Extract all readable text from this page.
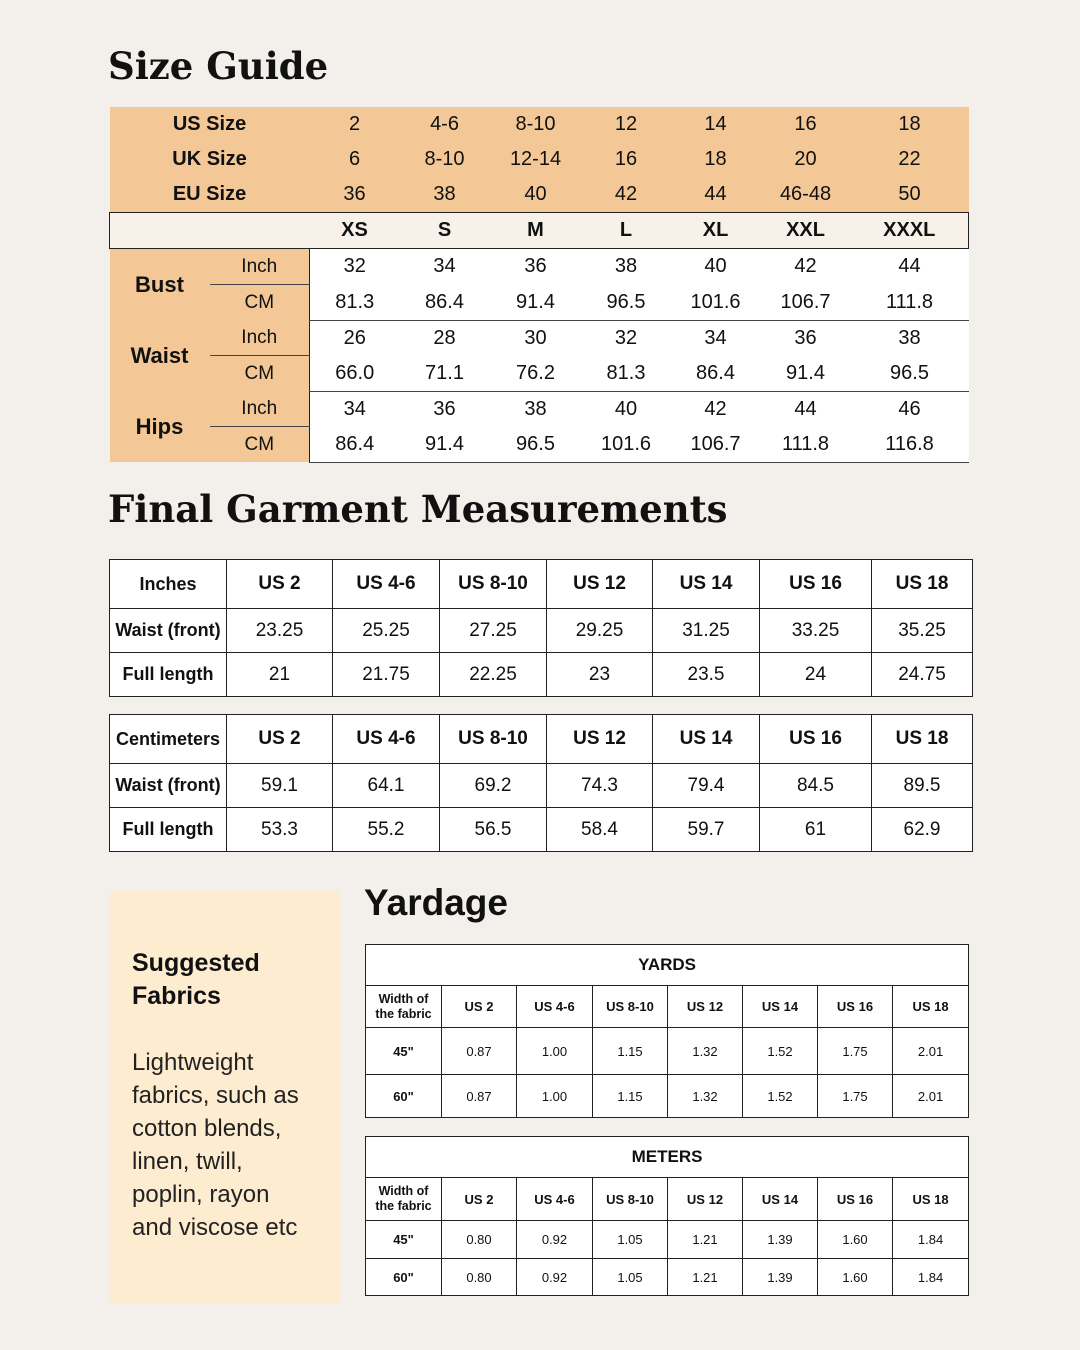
Size Guide
US Size		2	4-6	8-10	12	14	16	18
UK Size		6	8-10	12-14	16	18	20	22
EU Size		36	38	40	42	44	46-48	50
		XS	S	M	L	XL	XXL	XXXL
Bust	Inch	32	34	36	38	40	42	44
	CM	81.3	86.4	91.4	96.5	101.6	106.7	111.8
Waist	Inch	26	28	30	32	34	36	38
	CM	66.0	71.1	76.2	81.3	86.4	91.4	96.5
Hips	Inch	34	36	38	40	42	44	46
	CM	86.4	91.4	96.5	101.6	106.7	111.8	116.8
Final Garment Measurements
Inches	US 2	US 4-6	US 8-10	US 12	US 14	US 16	US 18
Waist (front)	23.25	25.25	27.25	29.25	31.25	33.25	35.25
Full length	21	21.75	22.25	23	23.5	24	24.75
Centimeters	US 2	US 4-6	US 8-10	US 12	US 14	US 16	US 18
Waist (front)	59.1	64.1	69.2	74.3	79.4	84.5	89.5
Full length	53.3	55.2	56.5	58.4	59.7	61	62.9

Suggested
Fabrics

Lightweight
fabrics, such as
cotton blends,
linen, twill,
poplin, rayon
and viscose etc

Yardage
YARDS							
Width of
the fabric	US 2	US 4-6	US 8-10	US 12	US 14	US 16	US 18
45"	0.87	1.00	1.15	1.32	1.52	1.75	2.01
60"	0.87	1.00	1.15	1.32	1.52	1.75	2.01
METERS							
Width of
the fabric	US 2	US 4-6	US 8-10	US 12	US 14	US 16	US 18
45"	0.80	0.92	1.05	1.21	1.39	1.60	1.84
60"	0.80	0.92	1.05	1.21	1.39	1.60	1.84
